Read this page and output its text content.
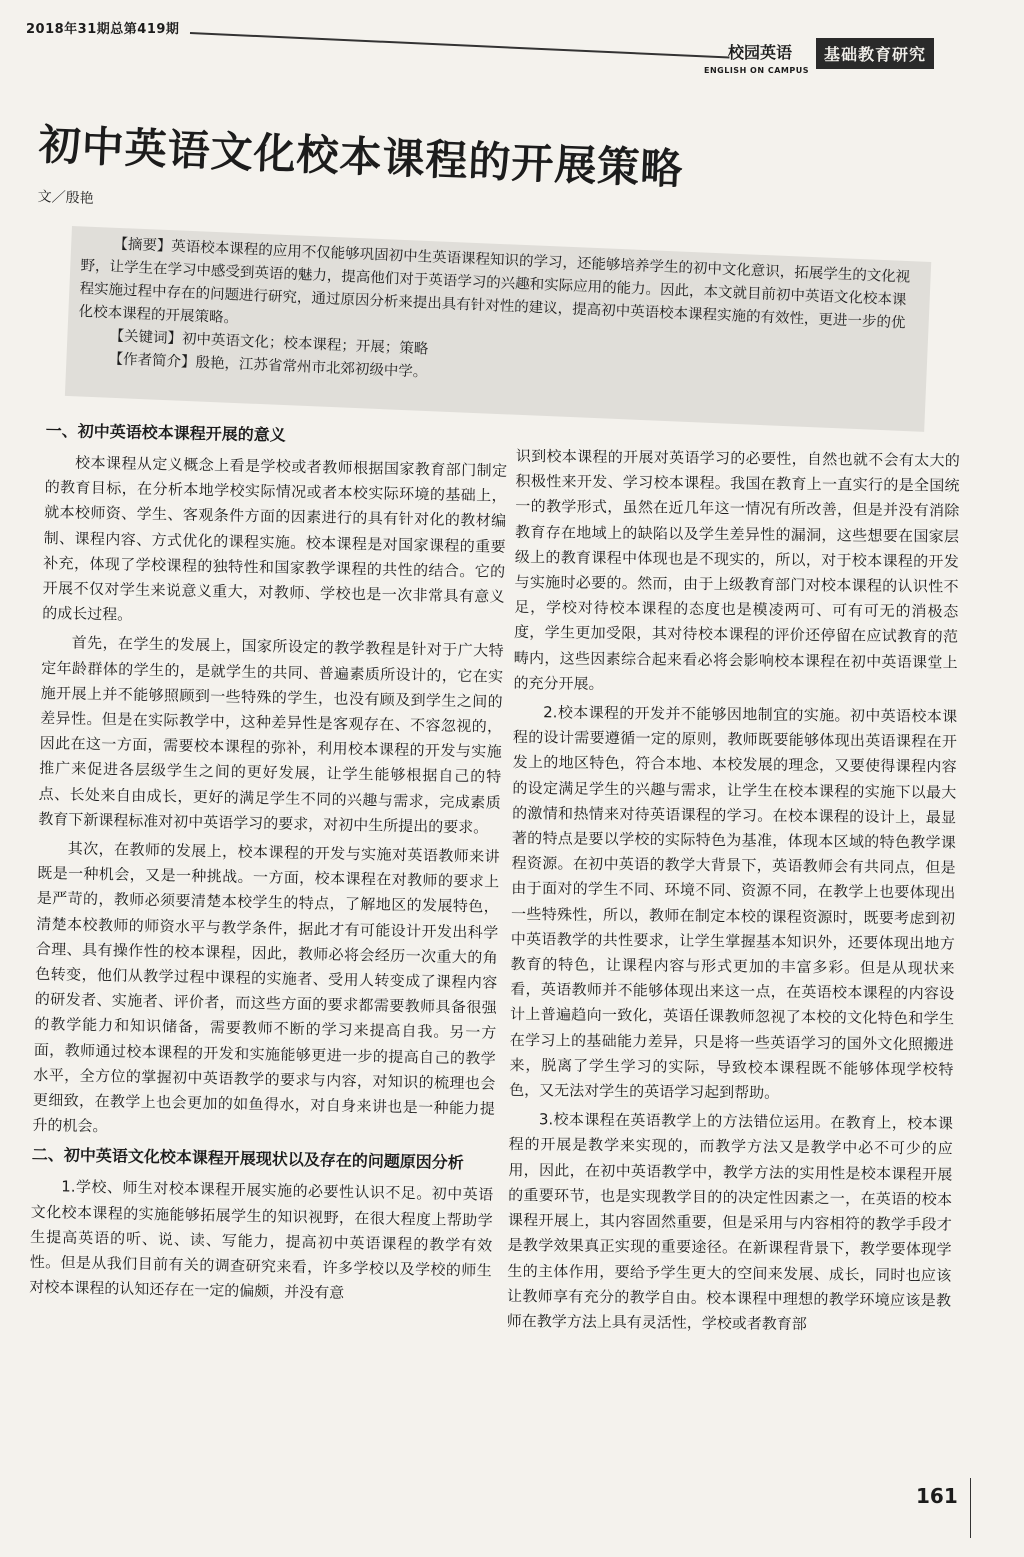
2018年31期总第419期
校园英语
ENGLISH ON CAMPUS
基础教育研究
初中英语文化校本课程的开展策略
文／殷艳

【摘要】英语校本课程的应用不仅能够巩固初中生英语课程知识的学习，还能够培养学生的初中文化意识，拓展学生的文化视野，让学生在学习中感受到英语的魅力，提高他们对于英语学习的兴趣和实际应用的能力。因此，本文就目前初中英语文化校本课程实施过程中存在的问题进行研究，通过原因分析来提出具有针对性的建议，提高初中英语校本课程实施的有效性，更进一步的优化校本课程的开展策略。

【关键词】初中英语文化；校本课程；开展；策略

【作者简介】殷艳，江苏省常州市北郊初级中学。

一、初中英语校本课程开展的意义

校本课程从定义概念上看是学校或者教师根据国家教育部门制定的教育目标，在分析本地学校实际情况或者本校实际环境的基础上，就本校师资、学生、客观条件方面的因素进行的具有针对化的教材编制、课程内容、方式优化的课程实施。校本课程是对国家课程的重要补充，体现了学校课程的独特性和国家教学课程的共性的结合。它的开展不仅对学生来说意义重大，对教师、学校也是一次非常具有意义的成长过程。

首先，在学生的发展上，国家所设定的教学教程是针对于广大特定年龄群体的学生的，是就学生的共同、普遍素质所设计的，它在实施开展上并不能够照顾到一些特殊的学生，也没有顾及到学生之间的差异性。但是在实际教学中，这种差异性是客观存在、不容忽视的，因此在这一方面，需要校本课程的弥补，利用校本课程的开发与实施推广来促进各层级学生之间的更好发展，让学生能够根据自己的特点、长处来自由成长，更好的满足学生不同的兴趣与需求，完成素质教育下新课程标准对初中英语学习的要求，对初中生所提出的要求。

其次，在教师的发展上，校本课程的开发与实施对英语教师来讲既是一种机会，又是一种挑战。一方面，校本课程在对教师的要求上是严苛的，教师必须要清楚本校学生的特点，了解地区的发展特色，清楚本校教师的师资水平与教学条件，据此才有可能设计开发出科学合理、具有操作性的校本课程，因此，教师必将会经历一次重大的角色转变，他们从教学过程中课程的实施者、受用人转变成了课程内容的研发者、实施者、评价者，而这些方面的要求都需要教师具备很强的教学能力和知识储备，需要教师不断的学习来提高自我。另一方面，教师通过校本课程的开发和实施能够更进一步的提高自己的教学水平，全方位的掌握初中英语教学的要求与内容，对知识的梳理也会更细致，在教学上也会更加的如鱼得水，对自身来讲也是一种能力提升的机会。

二、初中英语文化校本课程开展现状以及存在的问题原因分析

1.学校、师生对校本课程开展实施的必要性认识不足。初中英语文化校本课程的实施能够拓展学生的知识视野，在很大程度上帮助学生提高英语的听、说、读、写能力，提高初中英语课程的教学有效性。但是从我们目前有关的调查研究来看，许多学校以及学校的师生对校本课程的认知还存在一定的偏颇，并没有意

识到校本课程的开展对英语学习的必要性，自然也就不会有太大的积极性来开发、学习校本课程。我国在教育上一直实行的是全国统一的教学形式，虽然在近几年这一情况有所改善，但是并没有消除教育存在地域上的缺陷以及学生差异性的漏洞，这些想要在国家层级上的教育课程中体现也是不现实的，所以，对于校本课程的开发与实施时必要的。然而，由于上级教育部门对校本课程的认识性不足，学校对待校本课程的态度也是模凌两可、可有可无的消极态度，学生更加受限，其对待校本课程的评价还停留在应试教育的范畴内，这些因素综合起来看必将会影响校本课程在初中英语课堂上的充分开展。

2.校本课程的开发并不能够因地制宜的实施。初中英语校本课程的设计需要遵循一定的原则，教师既要能够体现出英语课程在开发上的地区特色，符合本地、本校发展的理念，又要使得课程内容的设定满足学生的兴趣与需求，让学生在校本课程的实施下以最大的激情和热情来对待英语课程的学习。在校本课程的设计上，最显著的特点是要以学校的实际特色为基准，体现本区域的特色教学课程资源。在初中英语的教学大背景下，英语教师会有共同点，但是由于面对的学生不同、环境不同、资源不同，在教学上也要体现出一些特殊性，所以，教师在制定本校的课程资源时，既要考虑到初中英语教学的共性要求，让学生掌握基本知识外，还要体现出地方教育的特色，让课程内容与形式更加的丰富多彩。但是从现状来看，英语教师并不能够体现出来这一点，在英语校本课程的内容设计上普遍趋向一致化，英语任课教师忽视了本校的文化特色和学生在学习上的基础能力差异，只是将一些英语学习的国外文化照搬进来，脱离了学生学习的实际，导致校本课程既不能够体现学校特色，又无法对学生的英语学习起到帮助。

3.校本课程在英语教学上的方法错位运用。在教育上，校本课程的开展是教学来实现的，而教学方法又是教学中必不可少的应用，因此，在初中英语教学中，教学方法的实用性是校本课程开展的重要环节，也是实现教学目的的决定性因素之一，在英语的校本课程开展上，其内容固然重要，但是采用与内容相符的教学手段才是教学效果真正实现的重要途径。在新课程背景下，教学要体现学生的主体作用，要给予学生更大的空间来发展、成长，同时也应该让教师享有充分的教学自由。校本课程中理想的教学环境应该是教师在教学方法上具有灵活性，学校或者教育部

161
